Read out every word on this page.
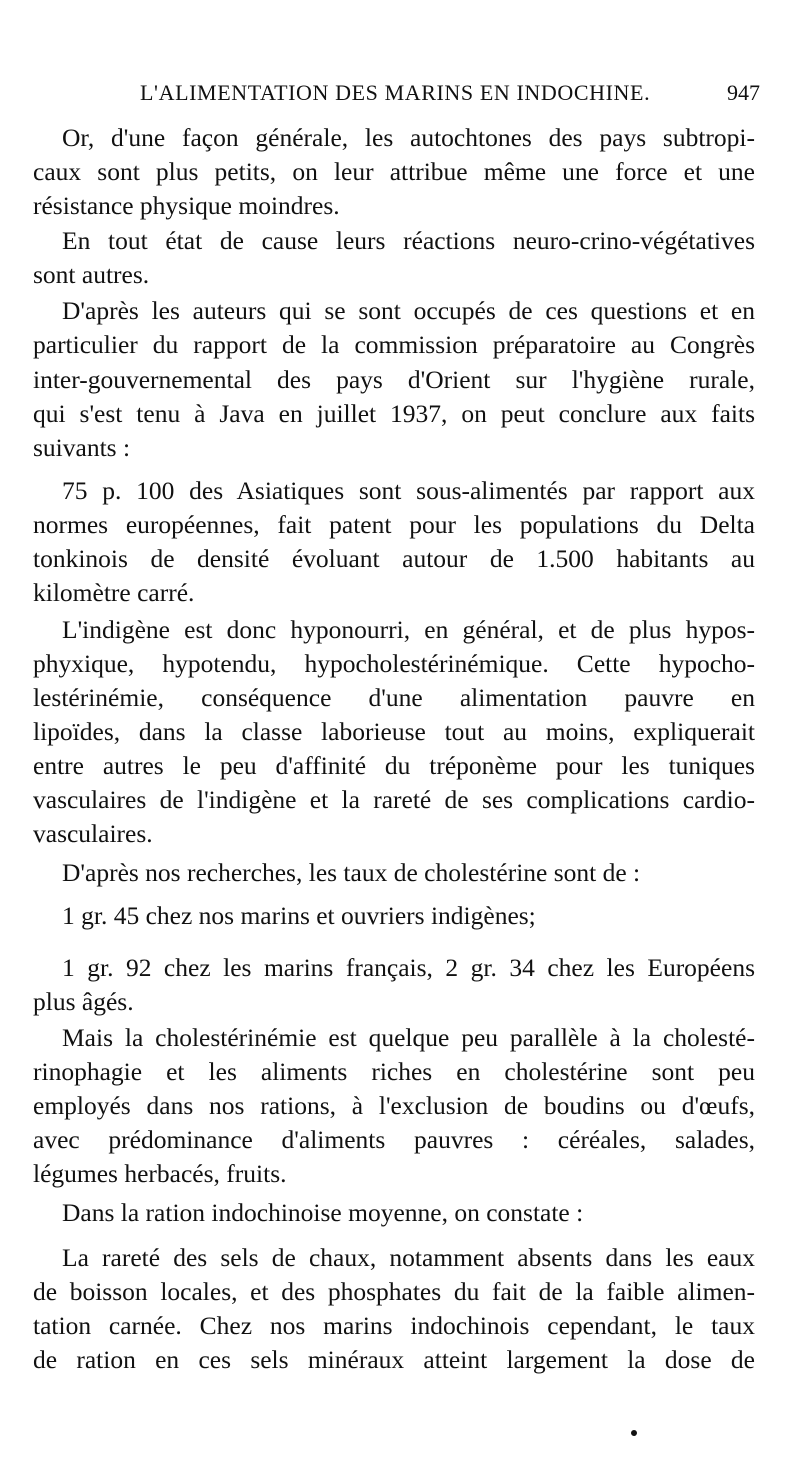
L'ALIMENTATION DES MARINS EN INDOCHINE.	947
Or, d'une façon générale, les autochtones des pays subtropi-
caux sont plus petits, on leur attribue même une force et une
résistance physique moindres.
En tout état de cause leurs réactions neuro-crino-végétatives
sont autres.
D'après les auteurs qui se sont occupés de ces questions et en
particulier du rapport de la commission préparatoire au Congrès
inter-gouvernemental des pays d'Orient sur l'hygiène rurale,
qui s'est tenu à Java en juillet 1937, on peut conclure aux faits
suivants :
75 p. 100 des Asiatiques sont sous-alimentés par rapport aux
normes européennes, fait patent pour les populations du Delta
tonkinois de densité évoluant autour de 1.500 habitants au
kilomètre carré.
L'indigène est donc hyponourri, en général, et de plus hypos-
phyxique, hypotendu, hypocholestérinémique. Cette hypocho-
lestérinémie, conséquence d'une alimentation pauvre en
lipoïdes, dans la classe laborieuse tout au moins, expliquerait
entre autres le peu d'affinité du tréponème pour les tuniques
vasculaires de l'indigène et la rareté de ses complications cardio-
vasculaires.
D'après nos recherches, les taux de cholestérine sont de :
1 gr. 45 chez nos marins et ouvriers indigènes;
1 gr. 92 chez les marins français, 2 gr. 34 chez les Européens
plus âgés.
Mais la cholestérinémie est quelque peu parallèle à la cholesté-
rinophagie et les aliments riches en cholestérine sont peu
employés dans nos rations, à l'exclusion de boudins ou d'œufs,
avec prédominance d'aliments pauvres : céréales, salades,
légumes herbacés, fruits.
Dans la ration indochinoise moyenne, on constate :
La rareté des sels de chaux, notamment absents dans les eaux
de boisson locales, et des phosphates du fait de la faible alimen-
tation carnée. Chez nos marins indochinois cependant, le taux
de ration en ces sels minéraux atteint largement la dose de
